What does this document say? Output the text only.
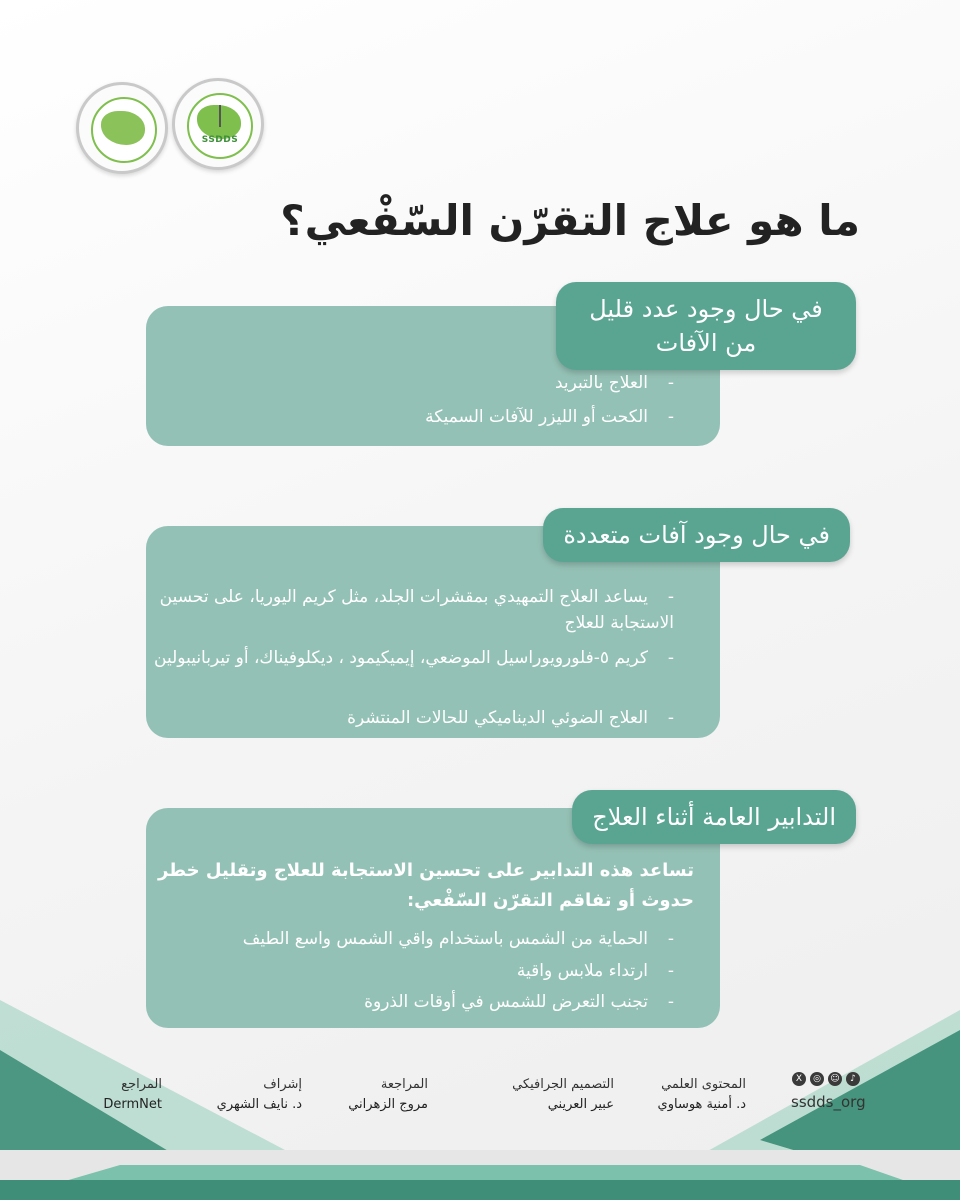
SSDDS
ما هو علاج التقرّن السّفْعي؟
في حال وجود عدد قليل من الآفات
-العلاج بالتبريد
-الكحت أو الليزر للآفات السميكة
في حال وجود آفات متعددة
-يساعد العلاج التمهيدي بمقشرات الجلد، مثل كريم اليوريا، على تحسين الاستجابة للعلاج
-كريم ٥-فلورويوراسيل الموضعي، إيميكيمود ، ديكلوفيناك، أو تيربانيبولين
-العلاج الضوئي الديناميكي للحالات المنتشرة
التدابير العامة أثناء العلاج
تساعد هذه التدابير على تحسين الاستجابة للعلاج وتقليل خطر حدوث أو تفاقم التقرّن السّفْعي:
-الحماية من الشمس باستخدام واقي الشمس واسع الطيف
-ارتداء ملابس واقية
-تجنب التعرض للشمس في أوقات الذروة
X	◎	☺	♪
ssdds_org
المحتوى العلمي
د. أمنية هوساوي
التصميم الجرافيكي
عبير العريني
المراجعة
مروج الزهراني
إشراف
د. نايف الشهري
المراجع
DermNet
